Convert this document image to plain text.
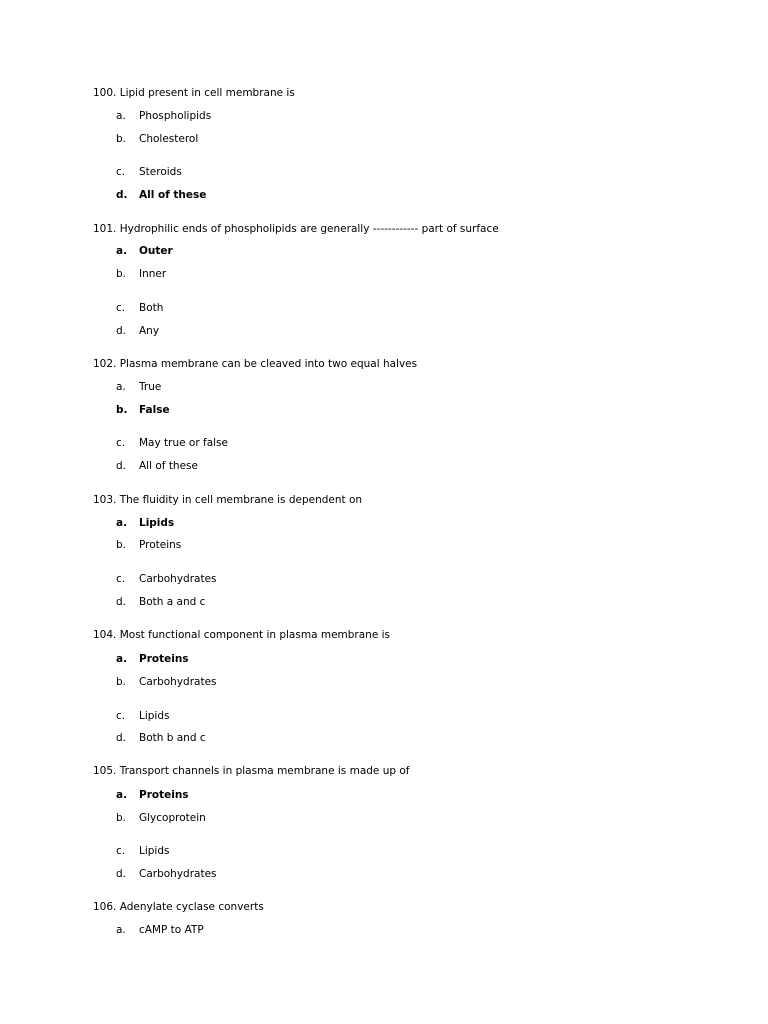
100. Lipid present in cell membrane is
a. Phospholipids
b. Cholesterol
c. Steroids
d. All of these
101. Hydrophilic ends of phospholipids are generally ------------ part of surface
a. Outer
b. Inner
c. Both
d. Any
102. Plasma membrane can be cleaved into two equal halves
a. True
b. False
c. May true or false
d. All of these
103. The fluidity in cell membrane is dependent on
a. Lipids
b. Proteins
c. Carbohydrates
d. Both a and c
104. Most functional component in plasma membrane is
a. Proteins
b. Carbohydrates
c. Lipids
d. Both b and c
105. Transport channels in plasma membrane is made up of
a. Proteins
b. Glycoprotein
c. Lipids
d. Carbohydrates
106. Adenylate cyclase converts
a. cAMP to ATP
